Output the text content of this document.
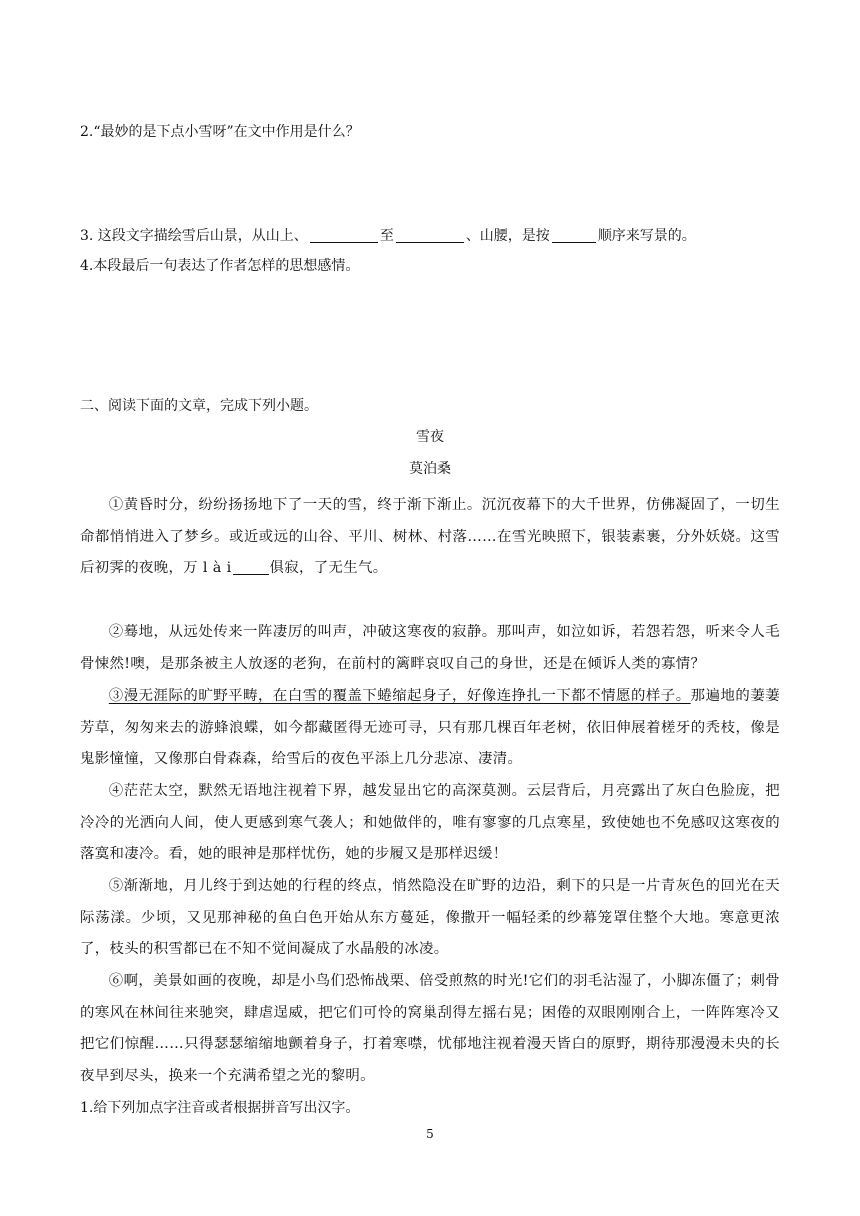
2.“最妙的是下点小雪呀”在文中作用是什么？
3. 这段文字描绘雪后山景，从山上、	至	、山腰，是按	顺序来写景的。
4.本段最后一句表达了作者怎样的思想感情。
二、阅读下面的文章，完成下列小题。
雪夜
莫泊桑
①黄昏时分，纷纷扬扬地下了一天的雪，终于渐下渐止。沉沉夜幕下的大千世界，仿佛凝固了，一切生命都悄悄进入了梦乡。或近或远的山谷、平川、树林、村落……在雪光映照下，银装素裹，分外妖娆。这雪后初霁的夜晚，万 l à i	俱寂，了无生气。
②蓦地，从远处传来一阵凄厉的叫声，冲破这寒夜的寂静。那叫声，如泣如诉，若怨若怨，听来令人毛骨悚然!噢，是那条被主人放逐的老狗，在前村的篱畔哀叹自己的身世，还是在倾诉人类的寡情？
③漫无涯际的旷野平畴，在白雪的覆盖下蜷缩起身子，好像连挣扎一下都不情愿的样子。那遍地的萋萋芳草，匆匆来去的游蜂浪蝶，如今都藏匿得无迹可寻，只有那几棵百年老树，依旧伸展着槎牙的秃枝，像是鬼影憧憧，又像那白骨森森，给雪后的夜色平添上几分悲凉、凄清。
④茫茫太空，默然无语地注视着下界，越发显出它的高深莫测。云层背后，月亮露出了灰白色脸庞，把冷冷的光洒向人间，使人更感到寒气袭人；和她做伴的，唯有寥寥的几点寒星，致使她也不免感叹这寒夜的落寞和凄冷。看，她的眼神是那样忧伤，她的步履又是那样迟缓！
⑤渐渐地，月儿终于到达她的行程的终点，悄然隐没在旷野的边沿，剩下的只是一片青灰色的回光在天际荡漾。少顷，又见那神秘的鱼白色开始从东方蔓延，像撒开一幅轻柔的纱幕笼罩住整个大地。寒意更浓了，枝头的积雪都已在不知不觉间凝成了水晶般的冰凌。
⑥啊，美景如画的夜晚，却是小鸟们恐怖战栗、倍受煎熬的时光!它们的羽毛沾湿了，小脚冻僵了；刺骨的寒风在林间往来驰突，肆虐逞威，把它们可怜的窝巢刮得左摇右晃；困倦的双眼刚刚合上，一阵阵寒冷又把它们惊醒……只得瑟瑟缩缩地颤着身子，打着寒噤，忧郁地注视着漫天皆白的原野，期待那漫漫未央的长夜早到尽头，换来一个充满希望之光的黎明。
1.给下列加点字注音或者根据拼音写出汉字。
5
